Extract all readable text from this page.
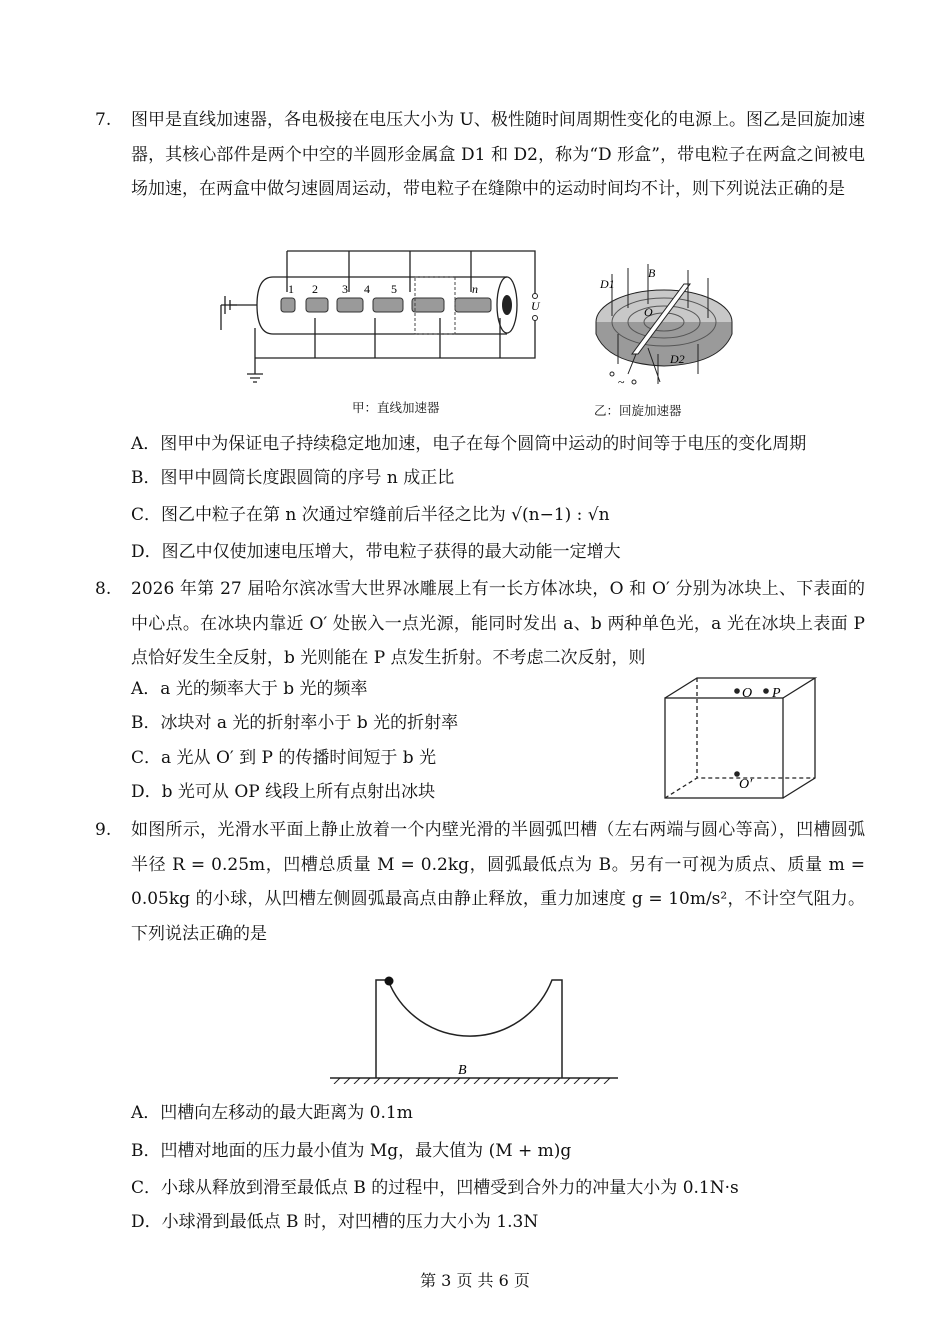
7.	图甲是直线加速器，各电极接在电压大小为 U、极性随时间周期性变化的电源上。图乙是回旋加速器，其核心部件是两个中空的半圆形金属盒 D1 和 D2，称为“D 形盒”，带电粒子在两盒之间被电场加速，在两盒中做匀速圆周运动，带电粒子在缝隙中的运动时间均不计，则下列说法正确的是
1 2 3 4 5	n
U
甲：直线加速器
D1
B
O
D2
~
乙：回旋加速器
A．图甲中为保证电子持续稳定地加速，电子在每个圆筒中运动的时间等于电压的变化周期
B．图甲中圆筒长度跟圆筒的序号 n 成正比
C．图乙中粒子在第 n 次通过窄缝前后半径之比为 √(n−1) : √n
D．图乙中仅使加速电压增大，带电粒子获得的最大动能一定增大
8.	2026 年第 27 届哈尔滨冰雪大世界冰雕展上有一长方体冰块，O 和 O′ 分别为冰块上、下表面的中心点。在冰块内靠近 O′ 处嵌入一点光源，能同时发出 a、b 两种单色光，a 光在冰块上表面 P 点恰好发生全反射，b 光则能在 P 点发生折射。不考虑二次反射，则
O P
O′
A．a 光的频率大于 b 光的频率
B．冰块对 a 光的折射率小于 b 光的折射率
C．a 光从 O′ 到 P 的传播时间短于 b 光
D．b 光可从 OP 线段上所有点射出冰块
9.	如图所示，光滑水平面上静止放着一个内壁光滑的半圆弧凹槽（左右两端与圆心等高），凹槽圆弧半径 R = 0.25m，凹槽总质量 M = 0.2kg，圆弧最低点为 B。另有一可视为质点、质量 m = 0.05kg 的小球，从凹槽左侧圆弧最高点由静止释放，重力加速度 g = 10m/s²，不计空气阻力。下列说法正确的是
B
A．凹槽向左移动的最大距离为 0.1m
B．凹槽对地面的压力最小值为 Mg，最大值为 (M + m)g
C．小球从释放到滑至最低点 B 的过程中，凹槽受到合外力的冲量大小为 0.1N·s
D．小球滑到最低点 B 时，对凹槽的压力大小为 1.3N
第 3 页 共 6 页
